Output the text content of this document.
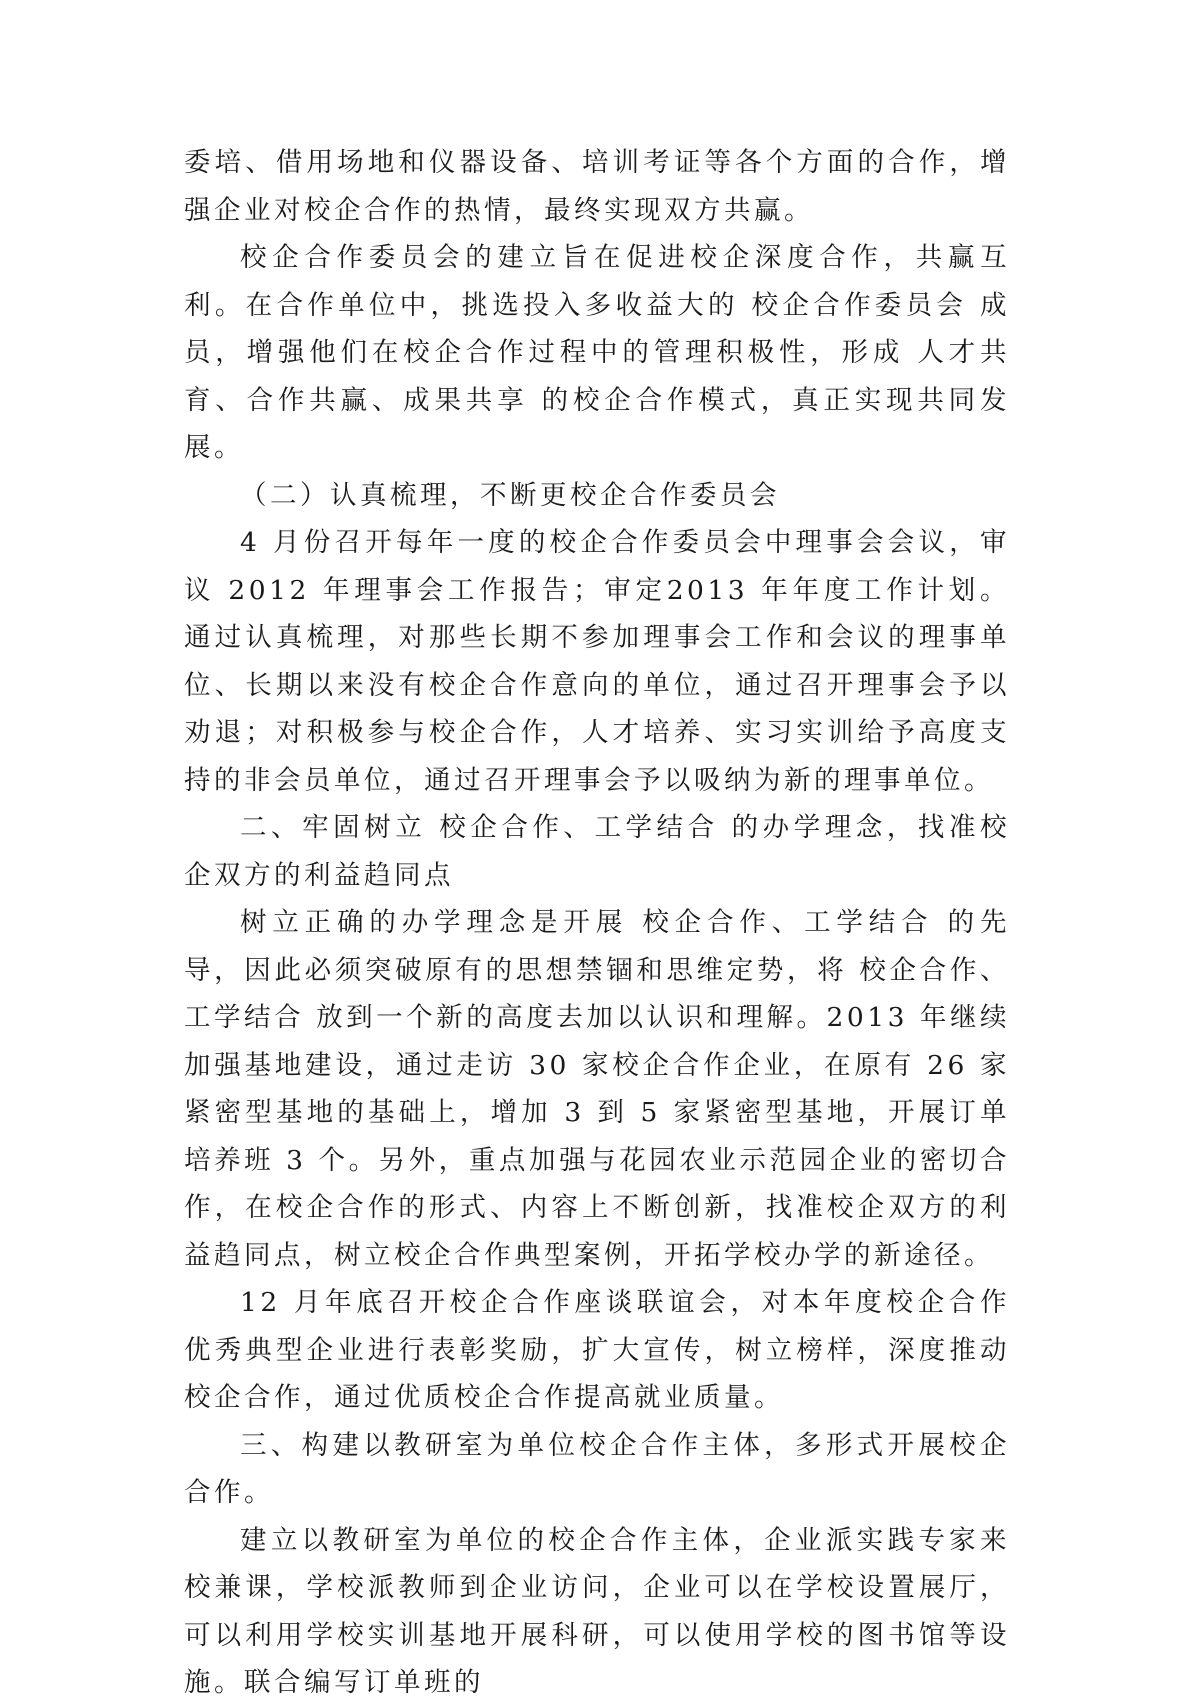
委培、借用场地和仪器设备、培训考证等各个方面的合作，增强企业对校企合作的热情，最终实现双方共赢。

校企合作委员会的建立旨在促进校企深度合作，共赢互利。在合作单位中，挑选投入多收益大的 校企合作委员会 成员，增强他们在校企合作过程中的管理积极性，形成 人才共育、合作共赢、成果共享 的校企合作模式，真正实现共同发展。

（二）认真梳理，不断更校企合作委员会

4 月份召开每年一度的校企合作委员会中理事会会议，审议 2012 年理事会工作报告；审定2013 年年度工作计划。通过认真梳理，对那些长期不参加理事会工作和会议的理事单位、长期以来没有校企合作意向的单位，通过召开理事会予以劝退；对积极参与校企合作，人才培养、实习实训给予高度支持的非会员单位，通过召开理事会予以吸纳为新的理事单位。

二、牢固树立 校企合作、工学结合 的办学理念，找准校企双方的利益趋同点

树立正确的办学理念是开展 校企合作、工学结合 的先导，因此必须突破原有的思想禁锢和思维定势，将 校企合作、工学结合 放到一个新的高度去加以认识和理解。2013 年继续加强基地建设，通过走访 30 家校企合作企业，在原有 26 家紧密型基地的基础上，增加 3 到 5 家紧密型基地，开展订单培养班 3 个。另外，重点加强与花园农业示范园企业的密切合作，在校企合作的形式、内容上不断创新，找准校企双方的利益趋同点，树立校企合作典型案例，开拓学校办学的新途径。

12 月年底召开校企合作座谈联谊会，对本年度校企合作优秀典型企业进行表彰奖励，扩大宣传，树立榜样，深度推动校企合作，通过优质校企合作提高就业质量。

三、构建以教研室为单位校企合作主体，多形式开展校企合作。

建立以教研室为单位的校企合作主体，企业派实践专家来校兼课，学校派教师到企业访问，企业可以在学校设置展厅，可以利用学校实训基地开展科研，可以使用学校的图书馆等设施。联合编写订单班的
